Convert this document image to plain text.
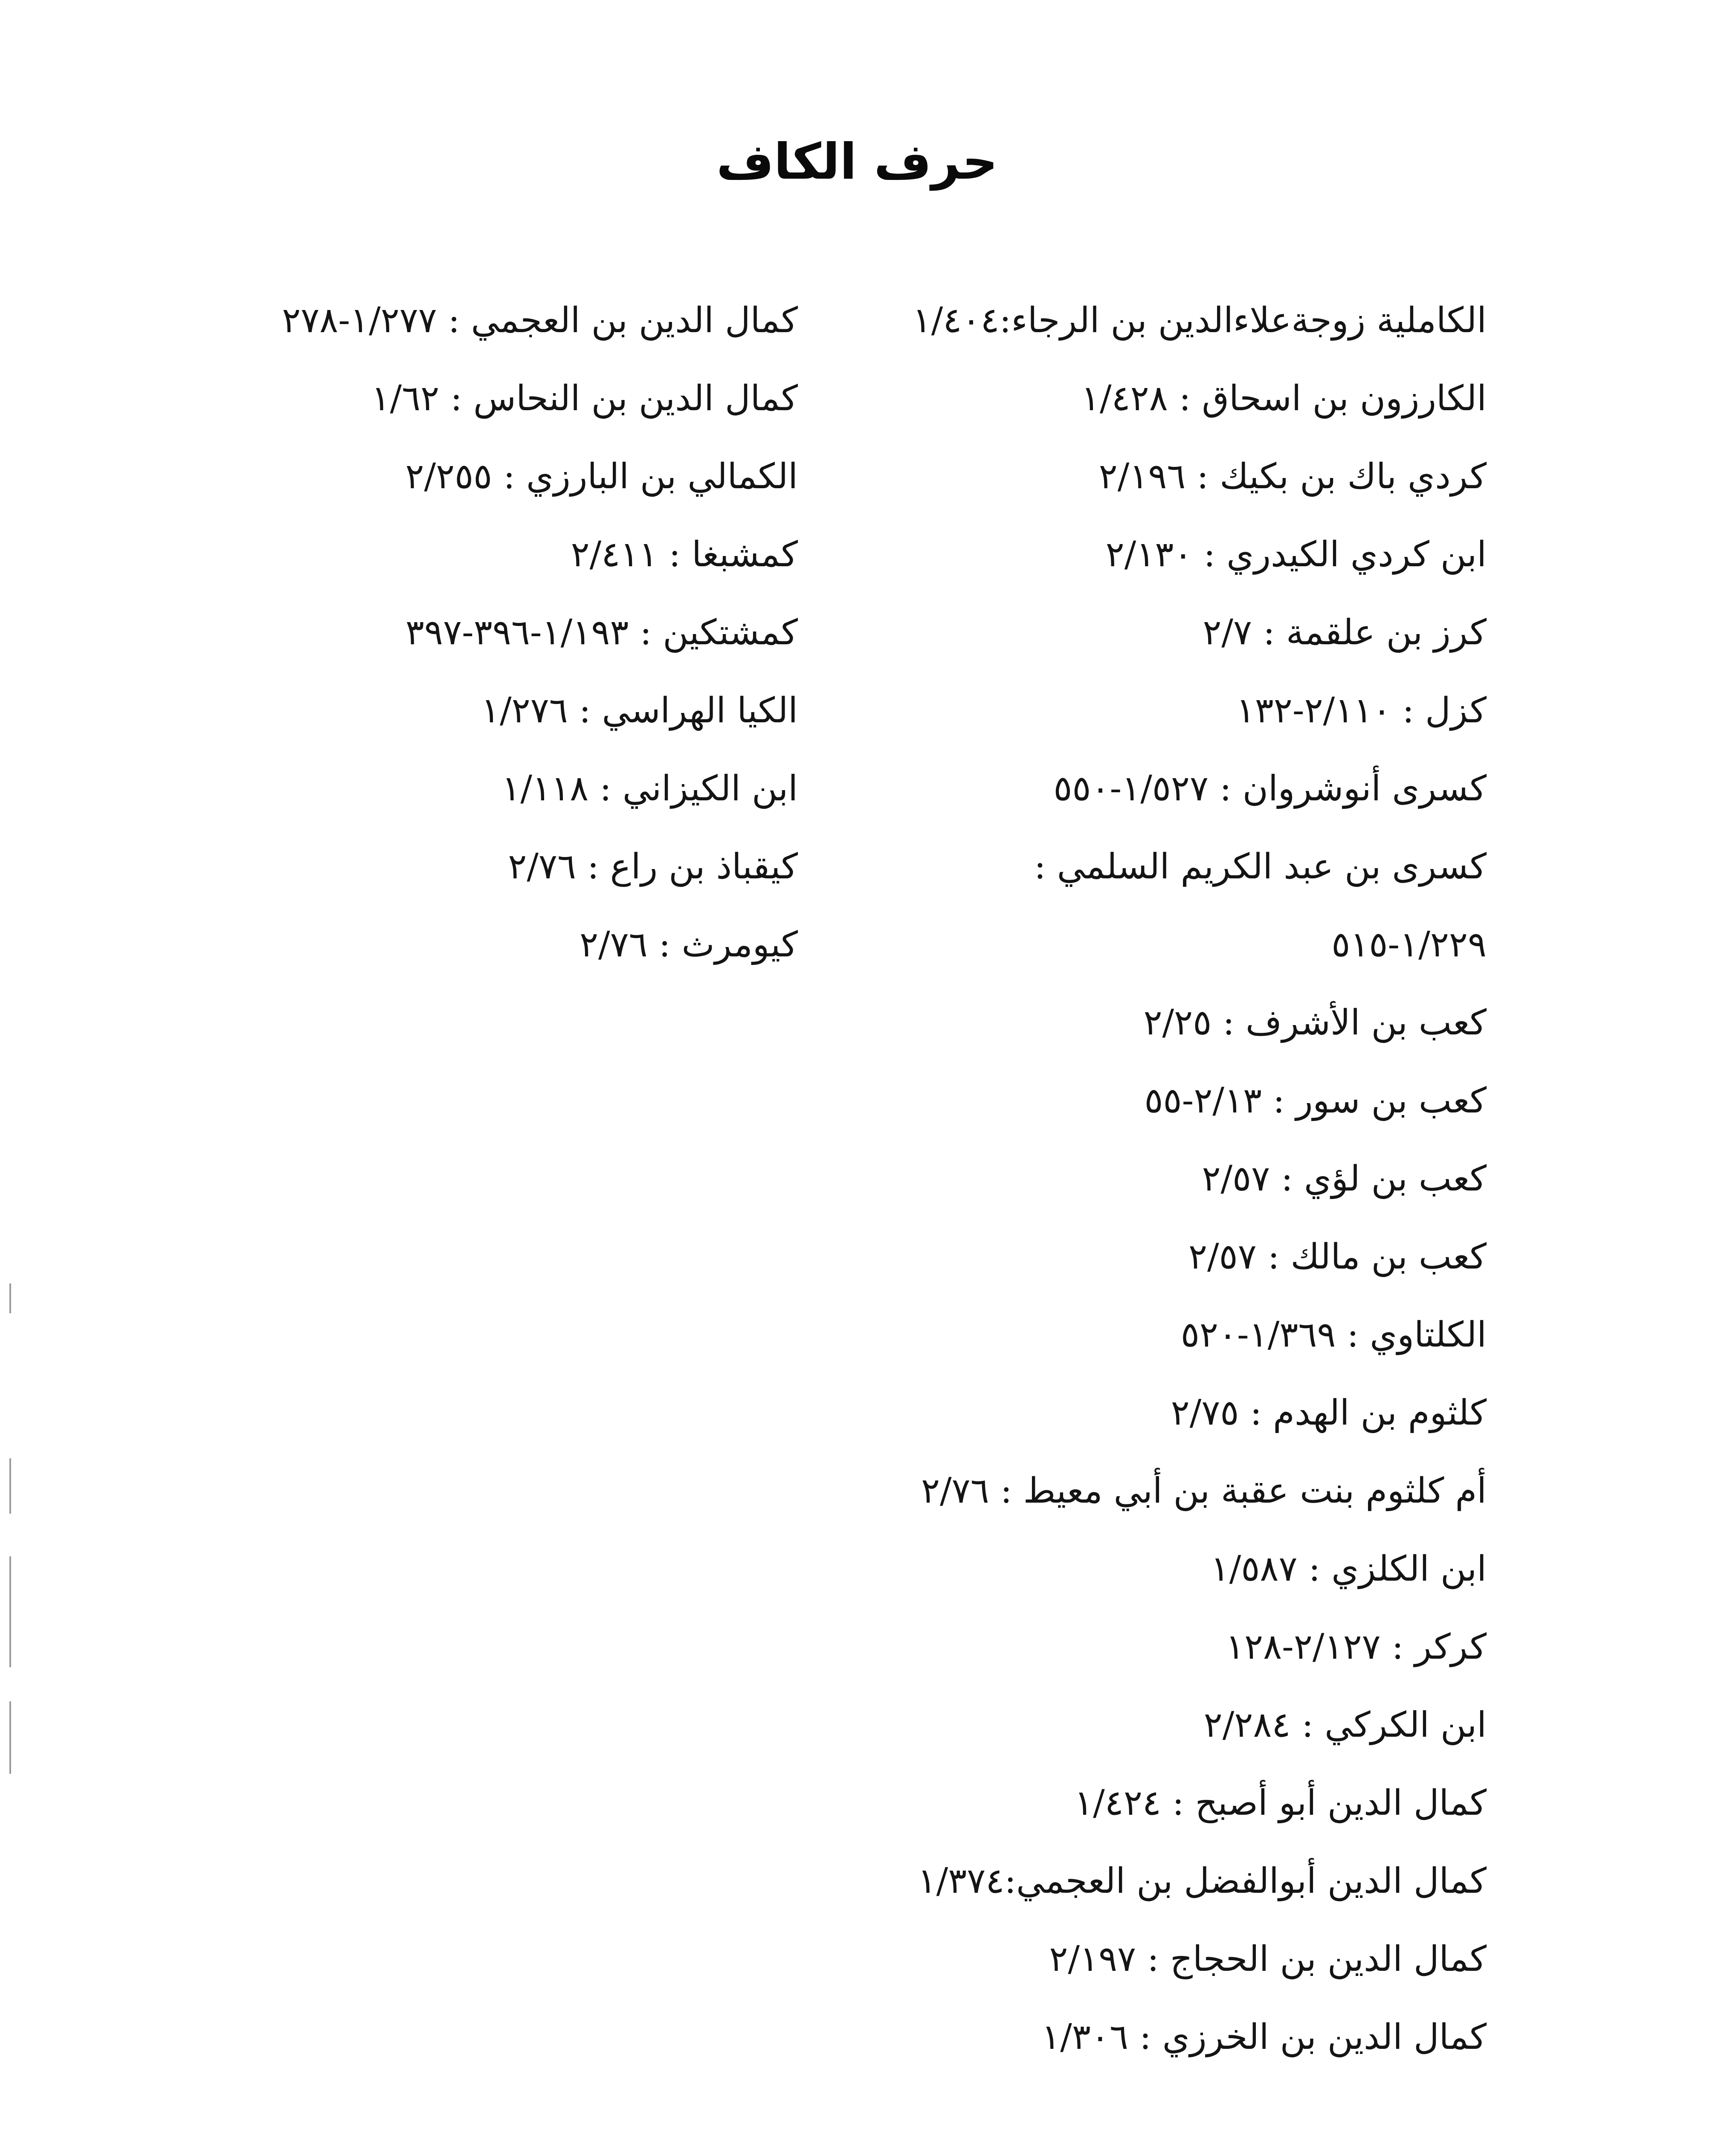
حرف الكاف
الكاملية زوجةعلاءالدين بن الرجاء:١/٤٠٤
الكارزون بن اسحاق : ١/٤٢٨
كردي باك بن بكيك : ٢/١٩٦
ابن كردي الكيدري : ٢/١٣٠
كرز بن علقمة : ٢/٧
كزل : ٢/١١٠-١٣٢
كسرى أنوشروان : ١/٥٢٧-٥٥٠
كسرى بن عبد الكريم السلمي :
١/٢٢٩-٥١٥
كعب بن الأشرف : ٢/٢٥
كعب بن سور : ٢/١٣-٥٥
كعب بن لؤي : ٢/٥٧
كعب بن مالك : ٢/٥٧
الكلتاوي : ١/٣٦٩-٥٢٠
كلثوم بن الهدم : ٢/٧٥
أم كلثوم بنت عقبة بن أبي معيط : ٢/٧٦
ابن الكلزي : ١/٥٨٧
كركر : ٢/١٢٧-١٢٨
ابن الكركي : ٢/٢٨٤
كمال الدين أبو أصبح : ١/٤٢٤
كمال الدين أبوالفضل بن العجمي:١/٣٧٤
كمال الدين بن الحجاج : ٢/١٩٧
كمال الدين بن الخرزي : ١/٣٠٦
كمال الدين بن العجمي : ١/٢٧٧-٢٧٨
كمال الدين بن النحاس : ١/٦٢
الكمالي بن البارزي : ٢/٢٥٥
كمشبغا : ٢/٤١١
كمشتكين : ١/١٩٣-٣٩٦-٣٩٧
الكيا الهراسي : ١/٢٧٦
ابن الكيزاني : ١/١١٨
كيقباذ بن راع : ٢/٧٦
كيومرث : ٢/٧٦
